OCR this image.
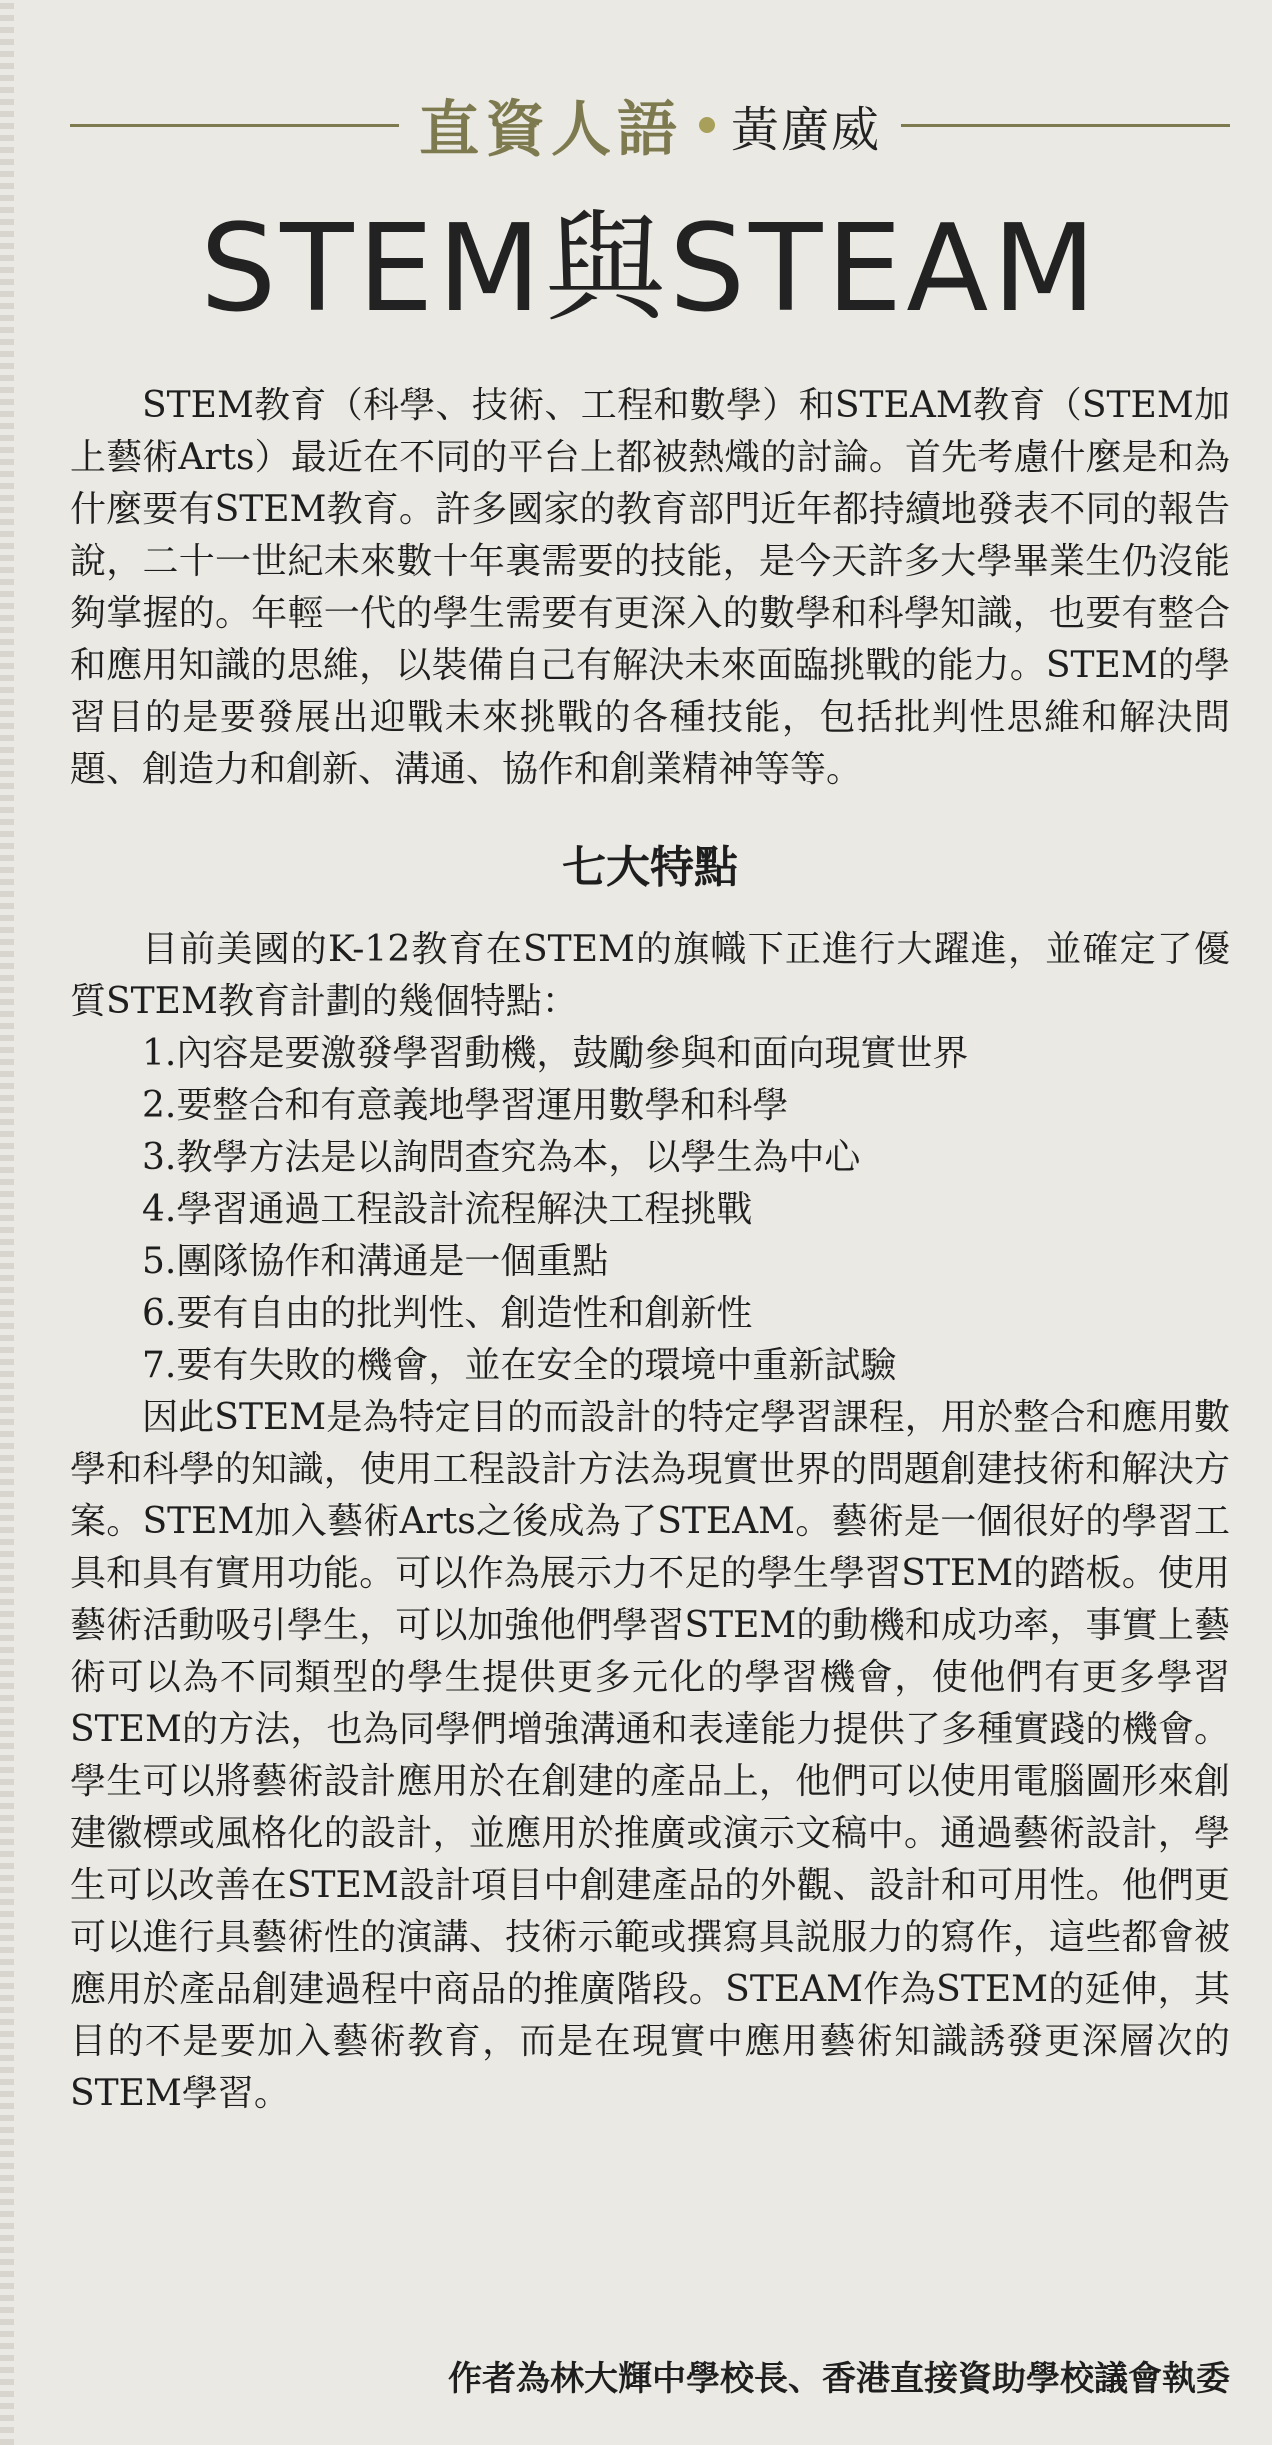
直資人語 黃廣威
STEM與STEAM

STEM教育（科學、技術、工程和數學）和STEAM教育（STEM加上藝術Arts）最近在不同的平台上都被熱熾的討論。首先考慮什麼是和為什麼要有STEM教育。許多國家的教育部門近年都持續地發表不同的報告說，二十一世紀未來數十年裏需要的技能，是今天許多大學畢業生仍沒能夠掌握的。年輕一代的學生需要有更深入的數學和科學知識，也要有整合和應用知識的思維，以裝備自己有解決未來面臨挑戰的能力。STEM的學習目的是要發展出迎戰未來挑戰的各種技能，包括批判性思維和解決問題、創造力和創新、溝通、協作和創業精神等等。

七大特點

目前美國的K-12教育在STEM的旗幟下正進行大躍進，並確定了優質STEM教育計劃的幾個特點：

1.內容是要激發學習動機，鼓勵參與和面向現實世界
2.要整合和有意義地學習運用數學和科學
3.教學方法是以詢問查究為本，以學生為中心
4.學習通過工程設計流程解決工程挑戰
5.團隊協作和溝通是一個重點
6.要有自由的批判性、創造性和創新性
7.要有失敗的機會，並在安全的環境中重新試驗

因此STEM是為特定目的而設計的特定學習課程，用於整合和應用數學和科學的知識，使用工程設計方法為現實世界的問題創建技術和解決方案。STEM加入藝術Arts之後成為了STEAM。藝術是一個很好的學習工具和具有實用功能。可以作為展示力不足的學生學習STEM的踏板。使用藝術活動吸引學生，可以加強他們學習STEM的動機和成功率，事實上藝術可以為不同類型的學生提供更多元化的學習機會，使他們有更多學習STEM的方法，也為同學們增強溝通和表達能力提供了多種實踐的機會。學生可以將藝術設計應用於在創建的產品上，他們可以使用電腦圖形來創建徽標或風格化的設計，並應用於推廣或演示文稿中。通過藝術設計，學生可以改善在STEM設計項目中創建產品的外觀、設計和可用性。他們更可以進行具藝術性的演講、技術示範或撰寫具説服力的寫作，這些都會被應用於產品創建過程中商品的推廣階段。STEAM作為STEM的延伸，其目的不是要加入藝術教育，而是在現實中應用藝術知識誘發更深層次的STEM學習。

作者為林大輝中學校長、香港直接資助學校議會執委
